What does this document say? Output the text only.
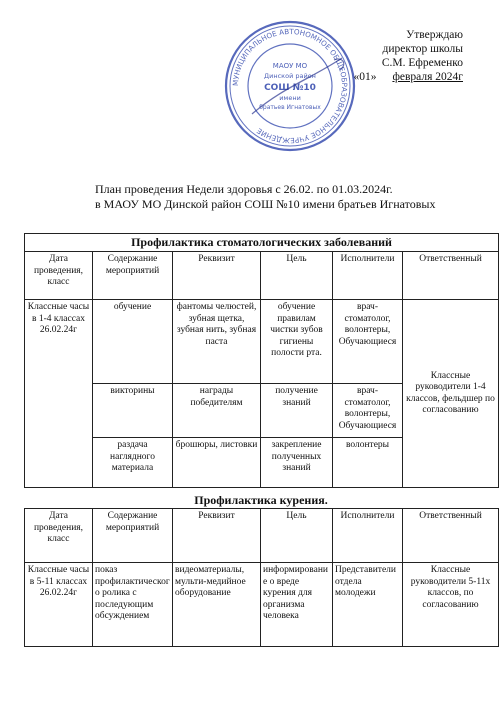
Утверждаю
директор школы
С.М. Ефременко
«01» февраля 2024г
МУНИЦИПАЛЬНОЕ АВТОНОМНОЕ ОБЩЕОБРАЗОВАТЕЛЬНОЕ УЧРЕЖДЕНИЕ
МАОУ МО
Динской район
СОШ №10
имени
братьев Игнатовых
План проведения Недели здоровья с 26.02. по 01.03.2024г.
в МАОУ МО Динской район СОШ №10 имени братьев Игнатовых
Профилактика стоматологических заболеваний					
Дата проведения, класс	Содержание мероприятий	Реквизит	Цель	Исполнители	Ответственный
Классные часы в 1-4 классах 26.02.24г	обучение	фантомы челюстей, зубная щетка, зубная нить, зубная паста	обучение правилам чистки зубов гигиены полости рта.	врач-стоматолог, волонтеры, Обучающиеся	Классные руководители 1-4 классов, фельдшер по согласованию
	викторины	награды победителям	получение знаний	врач-стоматолог, волонтеры, Обучающиеся	
	раздача наглядного материала	брошюры, листовки	закрепление полученных знаний	волонтеры	
Профилактика курения.
Дата проведения, класс	Содержание мероприятий	Реквизит	Цель	Исполнители	Ответственный
Классные часы в 5-11 классах 26.02.24г	показ профилактического ролика с последующим обсуждением	видеоматериалы, мульти-медийное оборудование	информирование о вреде курения для организма человека	Представители отдела молодежи	Классные руководители 5-11х классов, по согласованию
